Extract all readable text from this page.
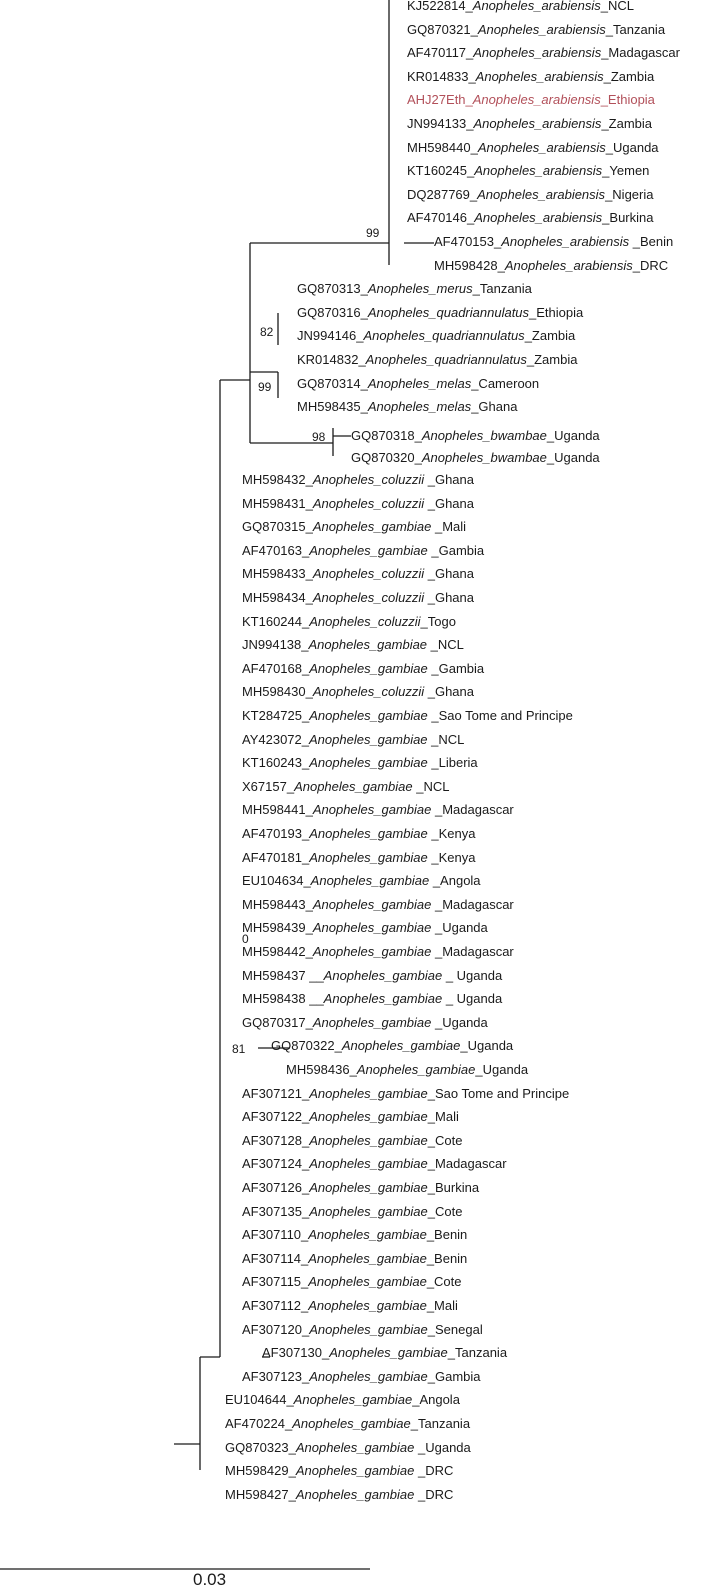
KJ522814_Anopheles_arabiensis_NCL
GQ870321_Anopheles_arabiensis_Tanzania
AF470117_Anopheles_arabiensis_Madagascar
KR014833_Anopheles_arabiensis_Zambia
AHJ27Eth_Anopheles_arabiensis_Ethiopia
JN994133_Anopheles_arabiensis_Zambia
MH598440_Anopheles_arabiensis_Uganda
KT160245_Anopheles_arabiensis_Yemen
DQ287769_Anopheles_arabiensis_Nigeria
AF470146_Anopheles_arabiensis_Burkina
AF470153_Anopheles_arabiensis _Benin
MH598428_Anopheles_arabiensis_DRC
GQ870313_Anopheles_merus_Tanzania
GQ870316_Anopheles_quadriannulatus_Ethiopia
JN994146_Anopheles_quadriannulatus_Zambia
KR014832_Anopheles_quadriannulatus_Zambia
GQ870314_Anopheles_melas_Cameroon
MH598435_Anopheles_melas_Ghana
GQ870318_Anopheles_bwambae_Uganda
GQ870320_Anopheles_bwambae_Uganda
MH598432_Anopheles_coluzzii _Ghana
MH598431_Anopheles_coluzzii _Ghana
GQ870315_Anopheles_gambiae _Mali
AF470163_Anopheles_gambiae _Gambia
MH598433_Anopheles_coluzzii _Ghana
MH598434_Anopheles_coluzzii _Ghana
KT160244_Anopheles_coluzzii_Togo
JN994138_Anopheles_gambiae _NCL
AF470168_Anopheles_gambiae _Gambia
MH598430_Anopheles_coluzzii _Ghana
KT284725_Anopheles_gambiae _Sao Tome and Principe
AY423072_Anopheles_gambiae _NCL
KT160243_Anopheles_gambiae _Liberia
X67157_Anopheles_gambiae _NCL
MH598441_Anopheles_gambiae _Madagascar
AF470193_Anopheles_gambiae _Kenya
AF470181_Anopheles_gambiae _Kenya
EU104634_Anopheles_gambiae _Angola
MH598443_Anopheles_gambiae _Madagascar
MH598439_Anopheles_gambiae _Uganda
MH598442_Anopheles_gambiae _Madagascar
MH598437 __Anopheles_gambiae _ Uganda
MH598438 __Anopheles_gambiae _ Uganda
GQ870317_Anopheles_gambiae _Uganda
GQ870322_Anopheles_gambiae_Uganda
MH598436_Anopheles_gambiae_Uganda
AF307121_Anopheles_gambiae_Sao Tome and Principe
AF307122_Anopheles_gambiae_Mali
AF307128_Anopheles_gambiae_Cote
AF307124_Anopheles_gambiae_Madagascar
AF307126_Anopheles_gambiae_Burkina
AF307135_Anopheles_gambiae_Cote
AF307110_Anopheles_gambiae_Benin
AF307114_Anopheles_gambiae_Benin
AF307115_Anopheles_gambiae_Cote
AF307112_Anopheles_gambiae_Mali
AF307120_Anopheles_gambiae_Senegal
AF307130_Anopheles_gambiae_Tanzania
AF307123_Anopheles_gambiae_Gambia
EU104644_Anopheles_gambiae_Angola
AF470224_Anopheles_gambiae_Tanzania
GQ870323_Anopheles_gambiae _Uganda
MH598429_Anopheles_gambiae _DRC
MH598427_Anopheles_gambiae _DRC
99
82
99
98
0
81
0.03
